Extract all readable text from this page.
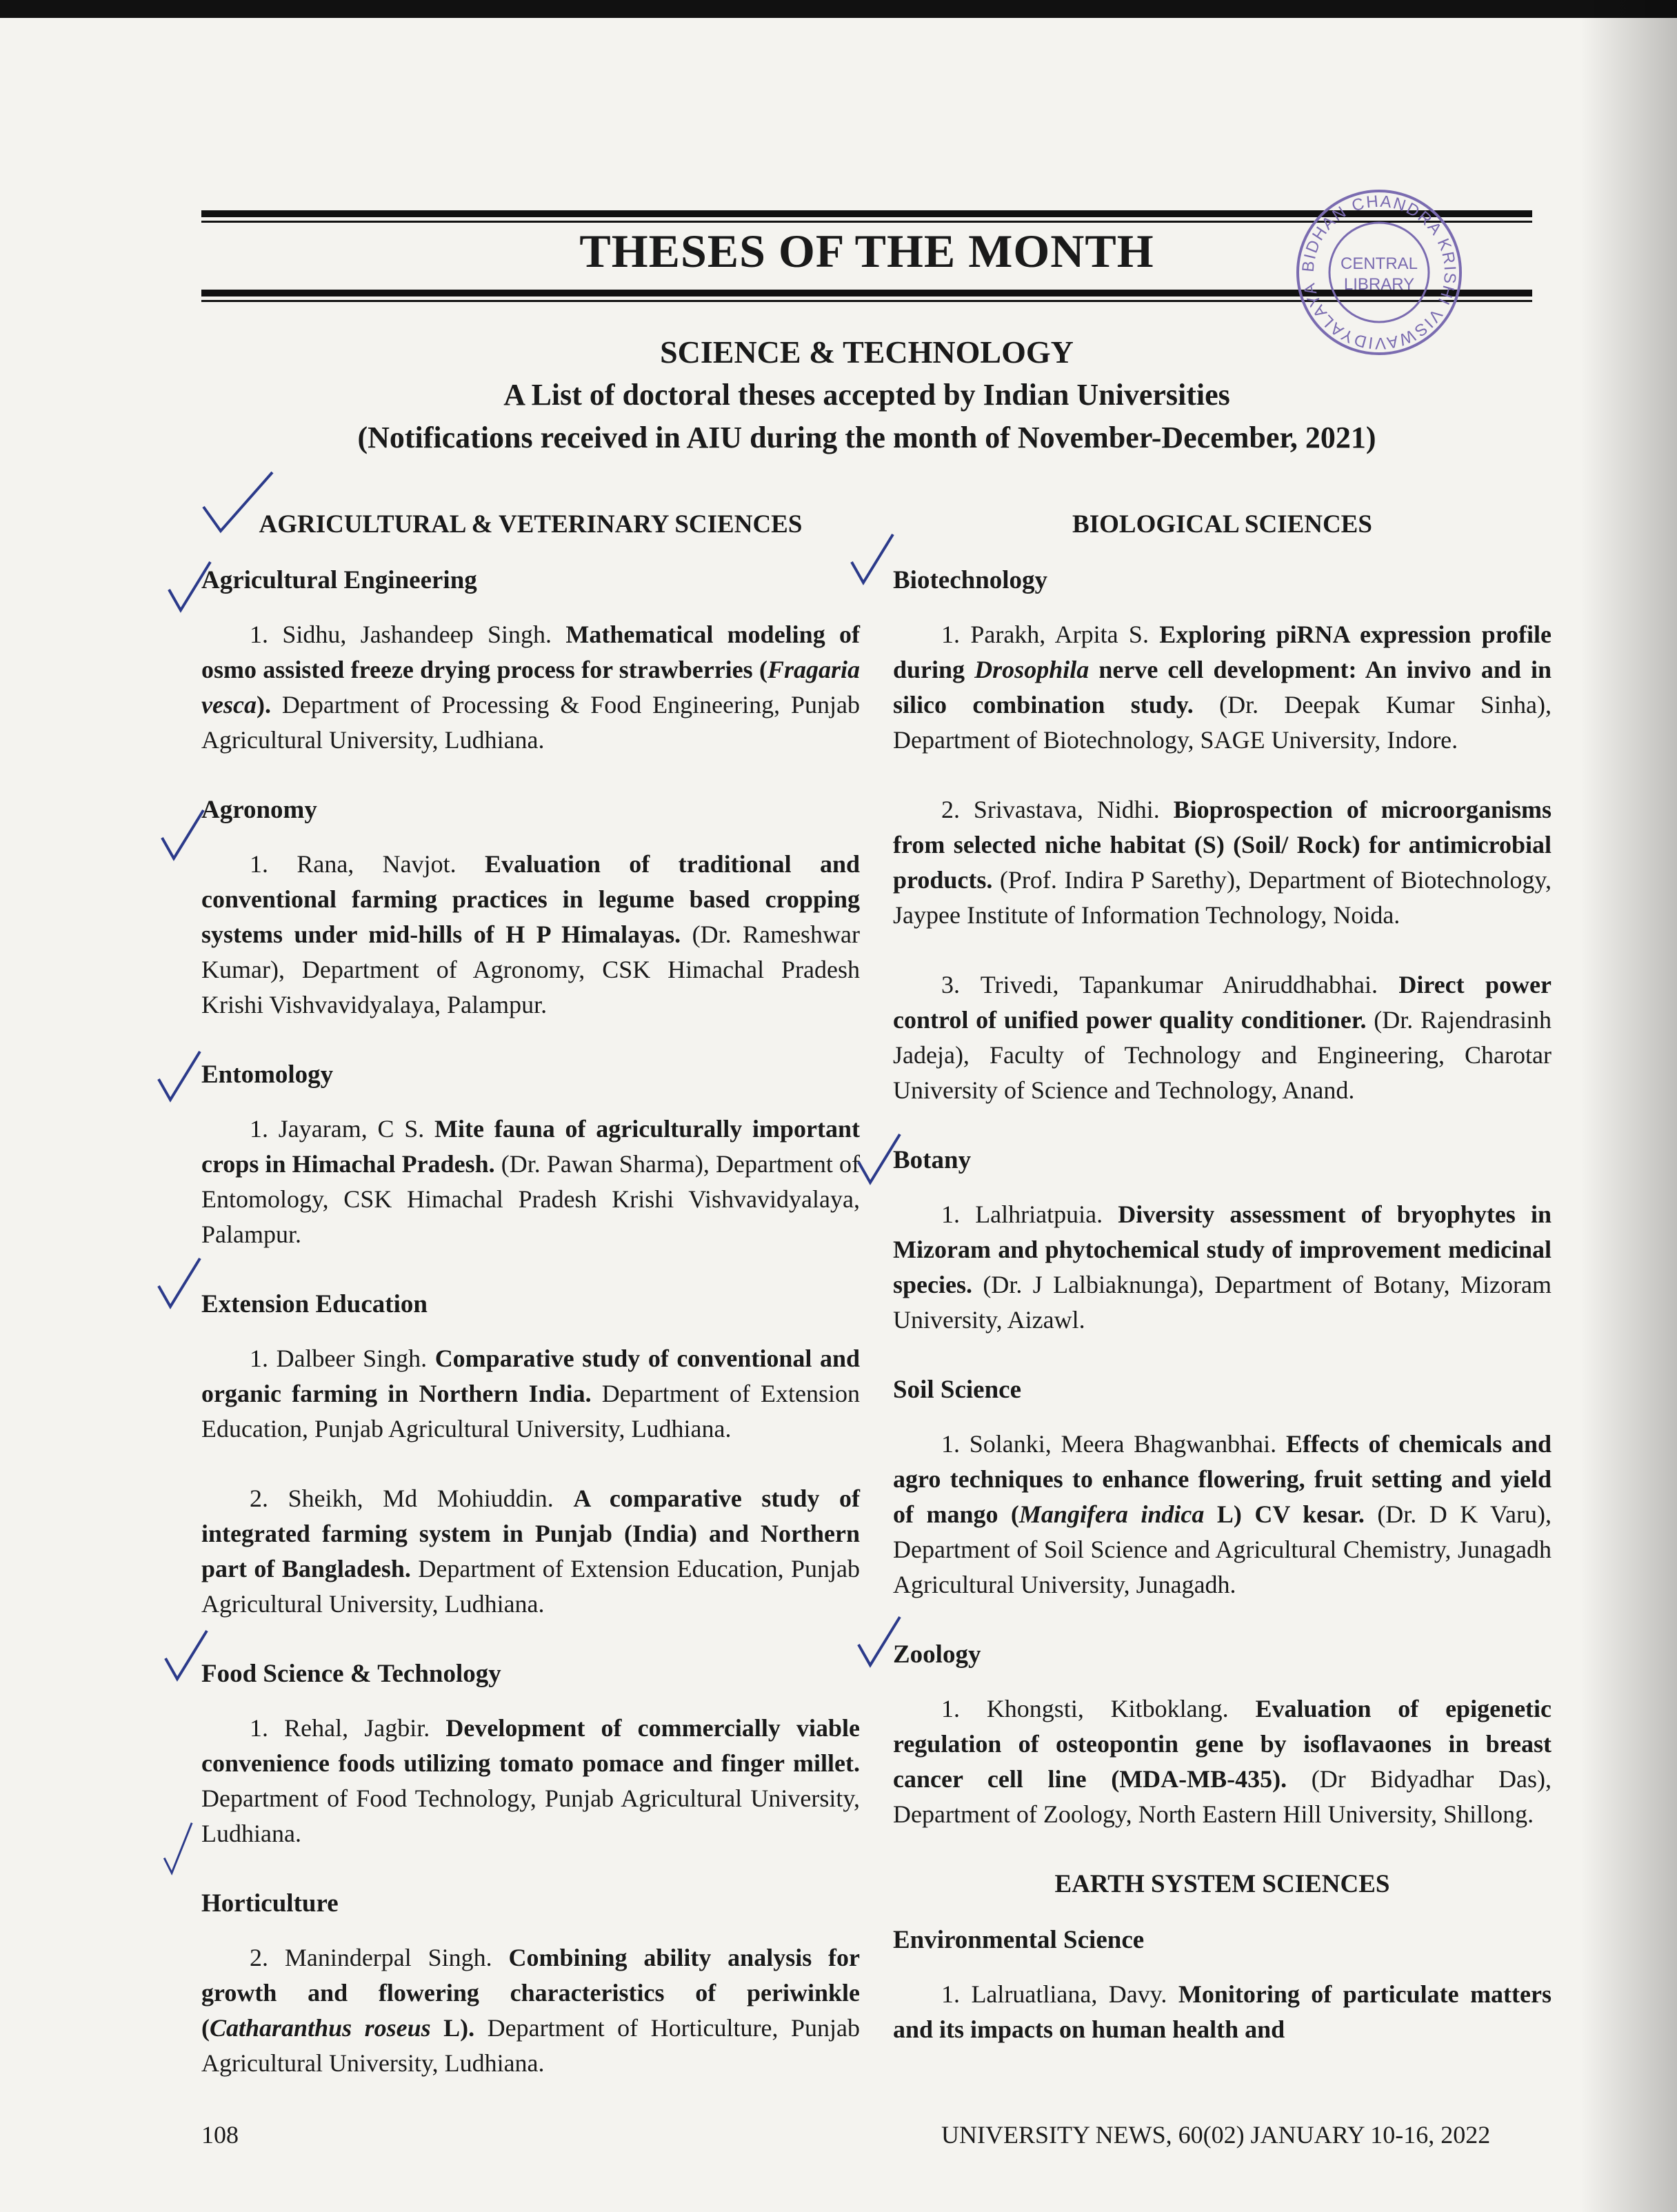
THESES OF THE MONTH	BIDHAN CHANDRA KRISHI VISWAVIDYALAYA
CENTRAL
LIBRARY
SCIENCE & TECHNOLOGY
A List of doctoral theses accepted by Indian Universities
(Notifications received in AIU during the month of November-December, 2021)
AGRICULTURAL & VETERINARY SCIENCES
Agricultural Engineering

1. Sidhu, Jashandeep Singh. Mathematical modeling of osmo assisted freeze drying process for strawberries (Fragaria vesca). Department of Processing & Food Engineering, Punjab Agricultural University, Ludhiana.

Agronomy

1. Rana, Navjot. Evaluation of traditional and conventional farming practices in legume based cropping systems under mid-hills of H P Himalayas. (Dr. Rameshwar Kumar), Department of Agronomy, CSK Himachal Pradesh Krishi Vishvavidyalaya, Palampur.

Entomology

1. Jayaram, C S. Mite fauna of agriculturally important crops in Himachal Pradesh. (Dr. Pawan Sharma), Department of Entomology, CSK Himachal Pradesh Krishi Vishvavidyalaya, Palampur.

Extension Education

1. Dalbeer Singh. Comparative study of conventional and organic farming in Northern India. Department of Extension Education, Punjab Agricultural University, Ludhiana.

2. Sheikh, Md Mohiuddin. A comparative study of integrated farming system in Punjab (India) and Northern part of Bangladesh. Department of Extension Education, Punjab Agricultural University, Ludhiana.

Food Science & Technology

1. Rehal, Jagbir. Development of commercially viable convenience foods utilizing tomato pomace and finger millet. Department of Food Technology, Punjab Agricultural University, Ludhiana.

Horticulture

2. Maninderpal Singh. Combining ability analysis for growth and flowering characteristics of periwinkle (Catharanthus roseus L). Department of Horticulture, Punjab Agricultural University, Ludhiana.

BIOLOGICAL SCIENCES
Biotechnology

1. Parakh, Arpita S. Exploring piRNA expression profile during Drosophila nerve cell development: An invivo and in silico combination study. (Dr. Deepak Kumar Sinha), Department of Biotechnology, SAGE University, Indore.

2. Srivastava, Nidhi. Bioprospection of microorganisms from selected niche habitat (S) (Soil/ Rock) for antimicrobial products. (Prof. Indira P Sarethy), Department of Biotechnology, Jaypee Institute of Information Technology, Noida.

3. Trivedi, Tapankumar Aniruddhabhai. Direct power control of unified power quality conditioner. (Dr. Rajendrasinh Jadeja), Faculty of Technology and Engineering, Charotar University of Science and Technology, Anand.

Botany

1. Lalhriatpuia. Diversity assessment of bryophytes in Mizoram and phytochemical study of improvement medicinal species. (Dr. J Lalbiaknunga), Department of Botany, Mizoram University, Aizawl.

Soil Science

1. Solanki, Meera Bhagwanbhai. Effects of chemicals and agro techniques to enhance flowering, fruit setting and yield of mango (Mangifera indica L) CV kesar. (Dr. D K Varu), Department of Soil Science and Agricultural Chemistry, Junagadh Agricultural University, Junagadh.

Zoology

1. Khongsti, Kitboklang. Evaluation of epigenetic regulation of osteopontin gene by isoflavaones in breast cancer cell line (MDA-MB-435). (Dr Bidyadhar Das), Department of Zoology, North Eastern Hill University, Shillong.

EARTH SYSTEM SCIENCES
Environmental Science

1. Lalruatliana, Davy. Monitoring of particulate matters and its impacts on human health and

108	UNIVERSITY NEWS, 60(02) JANUARY 10-16, 2022
